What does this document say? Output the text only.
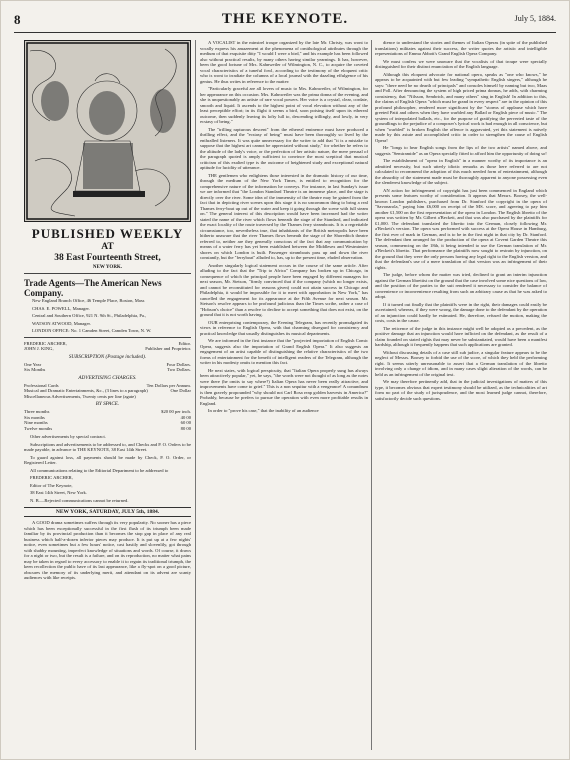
8	THE KEYNOTE.	July 5, 1884.
PUBLISHED WEEKLY
AT
38 East Fourteenth Street,
NEW YORK.
Trade Agents—The American News Company.

New England Branch Office, 46 Temple Place, Boston, Mass

CHAS. E. POWELL, Manager.

Central and Southern Office, 921 N. 9th St., Philadelphia, Pa.,

WATSON ATWOOD, Manager.

LONDON OFFICE: No. 1 Camden Street, Camden Town, N. W.

FREDERIC ARCHER,	Editor.
JOHN J. KING,	Publisher and Proprietor.
SUBSCRIPTION (Postage included).
One Year	Four Dollars.
Six Months	Two Dollars.
ADVERTISING CHARGES.
Professional Cards	Ten Dollars per Annum.
Musical and Dramatic Entertainments, &c., (3 lines to a paragraph)	One Dollar
Miscellaneous Advertisements, Twenty cents per line (agate)
BY SPACE.
Three months	$20 00 per inch.
Six months	40 00
Nine months	60 00
Twelve months	80 00

Other advertisements by special contract.

Subscriptions and advertisements to be addressed to, and Checks and P. O. Orders to be made payable, in advance to THE KEYNOTE, 38 East 14th Street.

To guard against loss, all payments should be made by Check, P. O. Order, or Registered Letter.

All communications relating to the Editorial Department to be addressed to

FREDERIC ARCHER,

Editor of The Keynote,

38 East 14th Street, New York.

N. B.—Rejected communications cannot be returned.

NEW YORK, SATURDAY, JULY 5th, 1884.

A GOOD drama sometimes suffers through its very popularity. No sooner has a piece which has been exceptionally successful in the first flush of its triumph been made familiar by its provincial production than it becomes the stop gap in place of any real business which half-a-dozen inferior pieces may produce. It is put up at a few nights' notice, even sometimes but a few hours' notice, cast hastily and slovenlily, got through with shabby mounting, imperfect knowledge of situations and words. Of course, it draws for a night or two, but the result is a failure, and on its reproduction, no matter what pains may be taken in regard to every accessory to enable it to regain its traditional triumph, the keen recollection the public have of its last appearance, like a fly-spot on a good picture, obscures the memory of its underlying merit, and attendant on its advent are scanty audiences with like receipts.

A VOCALIST in the minstrel troupe organized by the late Mr. Christy, was wont to vocally express his amazement at the phenomena of ornithological attributes through the medium of that exquisite ditty "I would I were a bird," and his example has been followed also without practical results, by many others having similar yearnings. It has, however, been the good fortune of Mrs. Kahnweiler of Wilmington, N. C., to acquire the coveted vocal characteristics of a tuneful fowl, according to the testimony of the eloquent critic who is wont to irradiate the columns of a local journal with the dazzling effulgence of his genius. He thus writes in reference to the matter:

"Particularly graceful are all lovers of music to Mrs. Kahnweiler, of Wilmington, for her appearance on this occasion. Mrs. Kahnweiler was the prima donna of the evening, and she is unquestionably an artiste of rare vocal powers. Her voice is a crystal, clear, cordate, smooth and liquid. It ascends to the highest point of vocal elevation without any of the least perceptible effort; in its flight it seems a bird, soon poising itself upon its ethereal outcome, then suddenly leaving its lofty lull to, descending trillingly, and lowly, in very ecstasy of being."

The "trilling rapturous descent" from the ethereal eminence must have produced a thrilling effect, and the "ecstasy of being" must have been thoroughly so lived by the enthralled listeners. It was quite unnecessary for the writer to add that "it is a mistake to suppose that the highest art cannot be appreciated without study," for whether he refers to the altitude of the lady's voice, or the perfection of her artistic nature, the mere perusal of the paragraph quoted is amply sufficient to convince the most sceptical that musical criticism of this exalted type is the outcome of heightened study and exceptional natural aptitude for lucidity of utterance.

THE gentlemen who enlightens those interested in the dramatic history of our time, through the medium of the New York Times, is entitled to recognition for the comprehensive nature of the information he conveys. For instance, in last Sunday's issue we are informed that "the London Standard Theatre is an immense place, and the stage is directly over the river. Some idea of the immensity of the theatre may be gained from the fact that in depicting river scenes upon this stage it is no uncommon thing to bring a real Thames ferry-boat up out of the water and keep it going through the scene with full steam on." The general interest of this description would have been increased had the writer stated the name of the river which flows beneath the stage of the Standard, and indicated the exact locality of the route traversed by the Thames ferry steamboats. It is a regrettable circumstance, too, nevertheless true, that inhabitants of the British metropolis have been hitherto unaware that the river Thames flows beneath the stage of the Shoreditch theatre referred to, neither are they generally conscious of the fact that any communication by means of a water ferry has yet been established between the Middlesex and Westminster shores on which London is built. Passenger steamboats pass up and down the river constantly, but the "ferryboat" alluded to, has, up to the present time, eluded observation.

Another singularly logical statement occurs in the course of the same article. After alluding to the fact that the "Trip to Africa" Company has broken up in Chicago, in consequence of which the principal people have been engaged by different managers for next season, Mr. Stetson, "firmly convinced that if the company (which no longer exists, and cannot be reconstituted for reasons given) could not attain success in Chicago and Philadelphia, it would be impossible for it to meet with approbation in New York," has cancelled the engagement for its appearance at the Fifth Avenue for next season. Mr. Stetson's resolve appears to be profound judicious than the Times scribe, rather a case of "Hobson's choice" than a resolve to decline to accept something that does not exist, on the ground that it is not worth having.

OUR enterprising contemporary, the Evening Telegram, has recently promulgated its views in reference to English Opera, with that charming disregard for consistency and practical knowledge that usually distinguishes its musical departments.

We are informed in the first instance that the "projected importation of English Comic Opera, suggests also the importation of Grand English Opera." It also suggests an engagement of an artist capable of distinguishing the relative characteristics of the two forms of entertainment for the benefit of intelligent readers of the Telegram, although the writer in his modesty omits to mention this fact.

He next states, with logical perspicuity, that "Italian Opera properly sung has always been attractively popular," yet, he says, "the words were not thought of as long as the notes were there (he omits to say where?) Italian Opera has never been really attractive, and improvements have come to grief." This is a non sequitur with a vengeance! A conundrum is then gravely propounded "why should not Carl Rosa reap golden harvests in America?" Probably, because he prefers to pursue the operation with even more profitable results in England.

In order to "prove his case," that the inability of an audience

dience to understand the stories and themes of Italian Operas (in spite of the published translations) militates against their success, the writer quotes the artistic and intelligible representations of Emma Abbott's Grand English Opera Company.

We must confess we were unaware that the vocalists of that troupe were specially distinguished for their distinct enunciation of the English language.

Although this eloquent advocate for national opera, speaks as "one who knows," he appears to be acquainted with but few leading "sympathetic English singers," although he says: "there need be no dearth of principals" and consoles himself by naming but two, Maas and Poll. After denouncing the system of high priced prima donnas, he adds, with charming consistency, that "Nilsson, Sembrich, and many others" sing in English! In addition to this, the claims of English Opera "which must be grand in every respect" are in the opinion of this profound philosopher, rendered more significant by the "storms of applause which have greeted Patti and others when they have warbled any Ballad or English piece of music." The system of interpolated ballads, etc., for the purpose of gratifying the perverted taste of the groundlings to the prejudice of a composer's lyrical work is bad enough in all conscience, but when "warbled" is broken English the offence is aggravated, yet this statement is naïvely made by this astute and accomplished critic in order to strengthen the cause of English Opera!

He "longs to hear English songs from the lips of the two artists" named above, and suggests "Semiramide" as an Opera specially fitted to afford him the opportunity of doing so!

The establishment of "opera in English" in a manner worthy of its importance is an admitted necessity, but such utterly idiotic remarks as those here referred to are not calculated to recommend the adoption of this much needed form of entertainment, although the absurdity of the statement made must be thoroughly apparent to anyone possessing even the slenderest knowledge of the subject.

AN action for infringement of copyright has just been commenced in England which presents some features worthy of consideration. It appears that Messrs. Boosey, the well-known London publishers, purchased from Dr. Stanford the copyright in the opera of "Savonarola," paying him £6,000 on receipt of the MS. score, and agreeing to pay him another £1,500 on the first representation of the opera in London. The English libretto of the opera was written by Mr. Gilbert a'Beckett, and that was also purchased by the plaintiffs for £1,000. The defendant translated the libretto into the German, closely following Mr. a'Beckett's version. The opera was performed with success at the Opera House in Hamburg, the first ever of mark in German, and is to be in the first night in that city by Dr. Stanford. The defendant then arranged for the production of the opera at Covent Garden Theatre this season, commencing on the 18th, it being intended to use the German translation of Mr. a'Beckett's libretto. That performance the plaintiffs now sought to restrain by injunction, on the ground that they were the only persons having any legal right to the English version, and that the defendant's use of a mere translation of that version was an infringement of their rights.

The judge, before whom the matter was tried, declined to grant an interim injunction against the German librettist on the ground that the case involved some nice questions of law, and the position of the parties to the suit rendered it necessary to consider the balance of convenience or inconvenience resulting from such an arbitrary cause as that he was asked to adopt.

If it turned out finally that the plaintiffs were in the right, their damages could easily be ascertained; whereas, if they were wrong, the damage done to the defendant by the operation of an injunction could hardly be estimated. He, therefore, refused the motion, making the costs, costs in the cause.

The reticence of the judge in this instance might well be adopted as a precedent, as the positive damage that an injunction would have inflicted on the defendant, as the result of a claim founded on stated rights that may never be substantiated, would have been a manifest hardship, although it frequently happens that such applications are granted.

Without discussing details of a case still sub judice, a singular feature appears to be the neglect of Messrs. Boosey to forbid the use of the score, of which they held the performing right. It seems utterly unreasonable to assert that a German translation of the libretto involving only a change of idiom, and in many cases slight alteration of the words, can be held as an infringement of the original text.

We may therefore pertinently add, that in the judicial investigations of matters of this type, it becomes obvious that expert testimony should be utilized, as the technicalities of art form no part of the study of jurisprudence, and the most learned judge cannot, therefore, satisfactorily decide such questions.
